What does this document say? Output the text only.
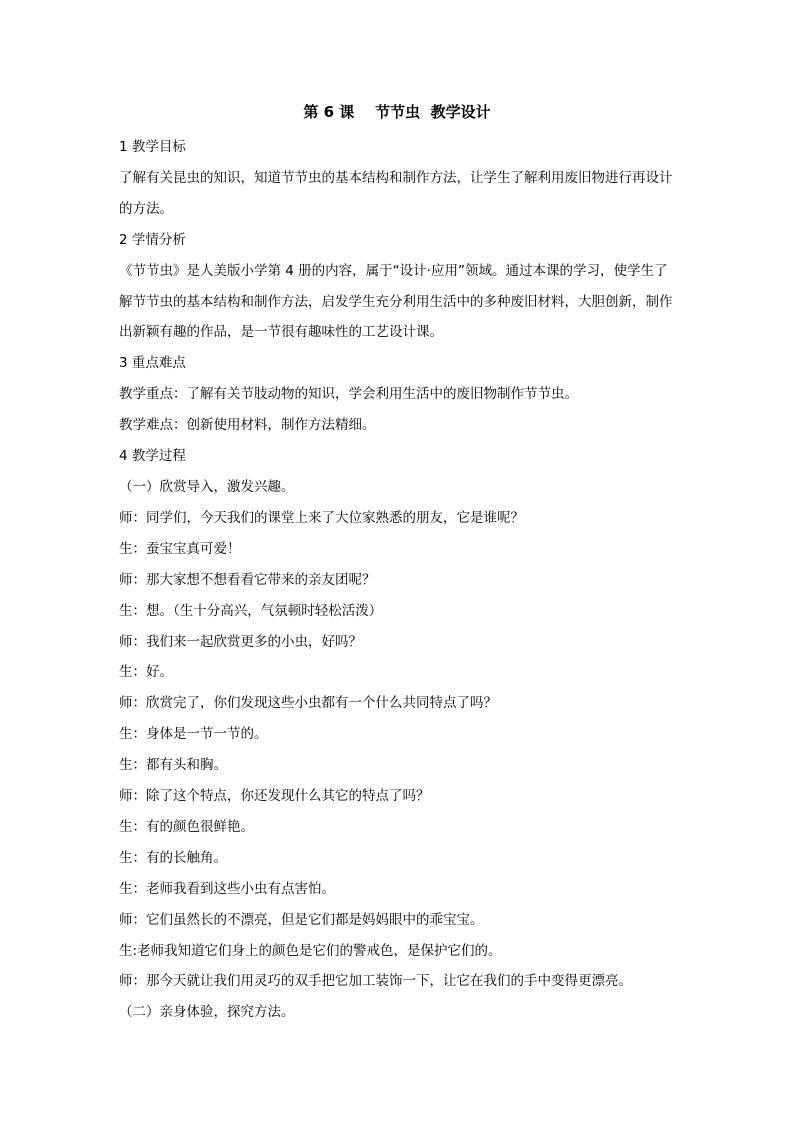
第 6 课    节节虫  教学设计

1 教学目标

了解有关昆虫的知识，知道节节虫的基本结构和制作方法，让学生了解利用废旧物进行再设计的方法。

2 学情分析

《节节虫》是人美版小学第 4 册的内容，属于“设计·应用”领域。通过本课的学习，使学生了解节节虫的基本结构和制作方法，启发学生充分利用生活中的多种废旧材料，大胆创新，制作出新颖有趣的作品，是一节很有趣味性的工艺设计课。

3 重点难点

教学重点：了解有关节肢动物的知识，学会利用生活中的废旧物制作节节虫。

教学难点：创新使用材料，制作方法精细。

4 教学过程

（一）欣赏导入，激发兴趣。

师：同学们，今天我们的课堂上来了大位家熟悉的朋友，它是谁呢？

生：蚕宝宝真可爱！

师：那大家想不想看看它带来的亲友团呢？

生：想。（生十分高兴，气氛顿时轻松活泼）

师：我们来一起欣赏更多的小虫，好吗？

生：好。

师：欣赏完了，你们发现这些小虫都有一个什么共同特点了吗？

生：身体是一节一节的。

生：都有头和胸。

师：除了这个特点，你还发现什么其它的特点了吗？

生：有的颜色很鲜艳。

生：有的长触角。

生：老师我看到这些小虫有点害怕。

师：它们虽然长的不漂亮，但是它们都是妈妈眼中的乖宝宝。

生:老师我知道它们身上的颜色是它们的警戒色，是保护它们的。

师：那今天就让我们用灵巧的双手把它加工装饰一下，让它在我们的手中变得更漂亮。

（二）亲身体验，探究方法。
